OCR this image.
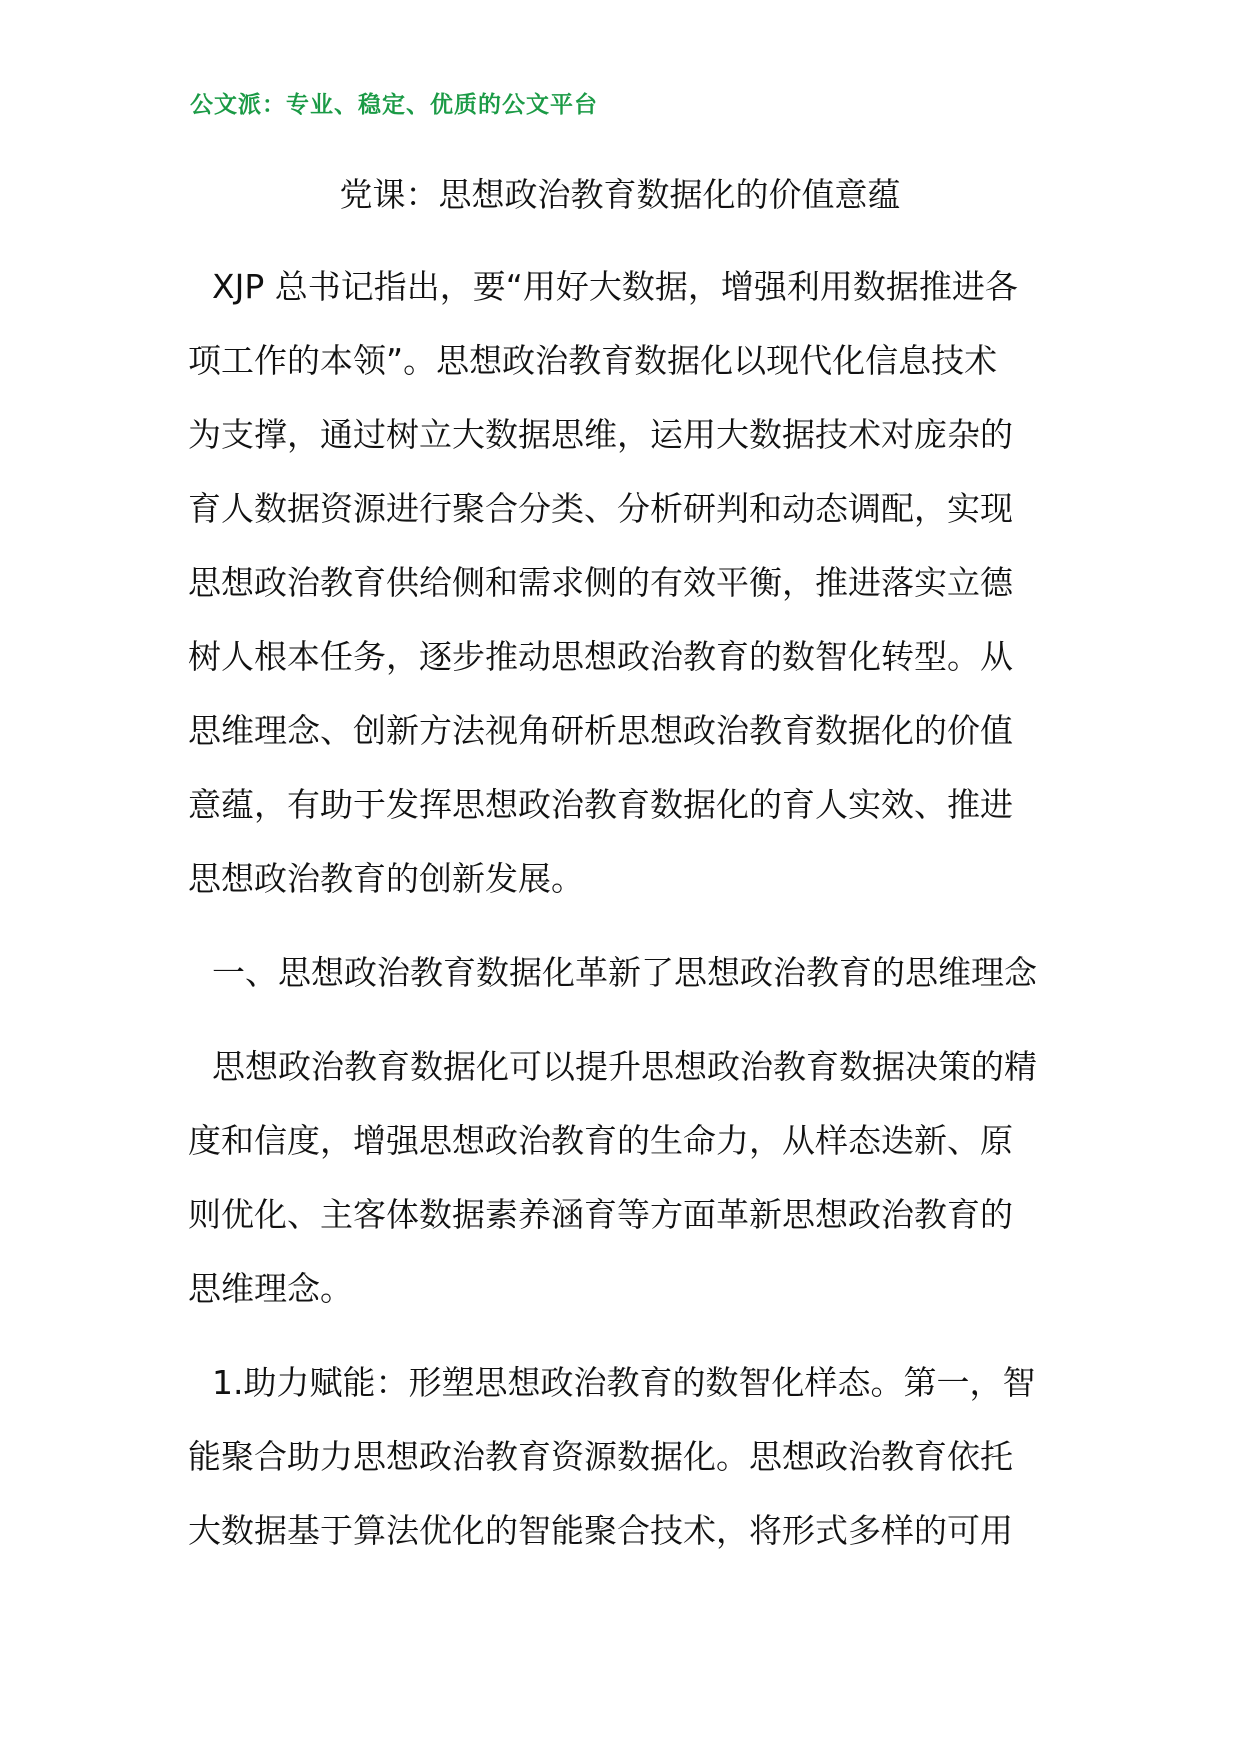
公文派：专业、稳定、优质的公文平台
党课：思想政治教育数据化的价值意蕴
XJP 总书记指出，要“用好大数据，增强利用数据推进各
项工作的本领”。思想政治教育数据化以现代化信息技术
为支撑，通过树立大数据思维，运用大数据技术对庞杂的
育人数据资源进行聚合分类、分析研判和动态调配，实现
思想政治教育供给侧和需求侧的有效平衡，推进落实立德
树人根本任务，逐步推动思想政治教育的数智化转型。从
思维理念、创新方法视角研析思想政治教育数据化的价值
意蕴，有助于发挥思想政治教育数据化的育人实效、推进
思想政治教育的创新发展。
一、思想政治教育数据化革新了思想政治教育的思维理念
思想政治教育数据化可以提升思想政治教育数据决策的精
度和信度，增强思想政治教育的生命力，从样态迭新、原
则优化、主客体数据素养涵育等方面革新思想政治教育的
思维理念。
1.助力赋能：形塑思想政治教育的数智化样态。第一，智
能聚合助力思想政治教育资源数据化。思想政治教育依托
大数据基于算法优化的智能聚合技术，将形式多样的可用
